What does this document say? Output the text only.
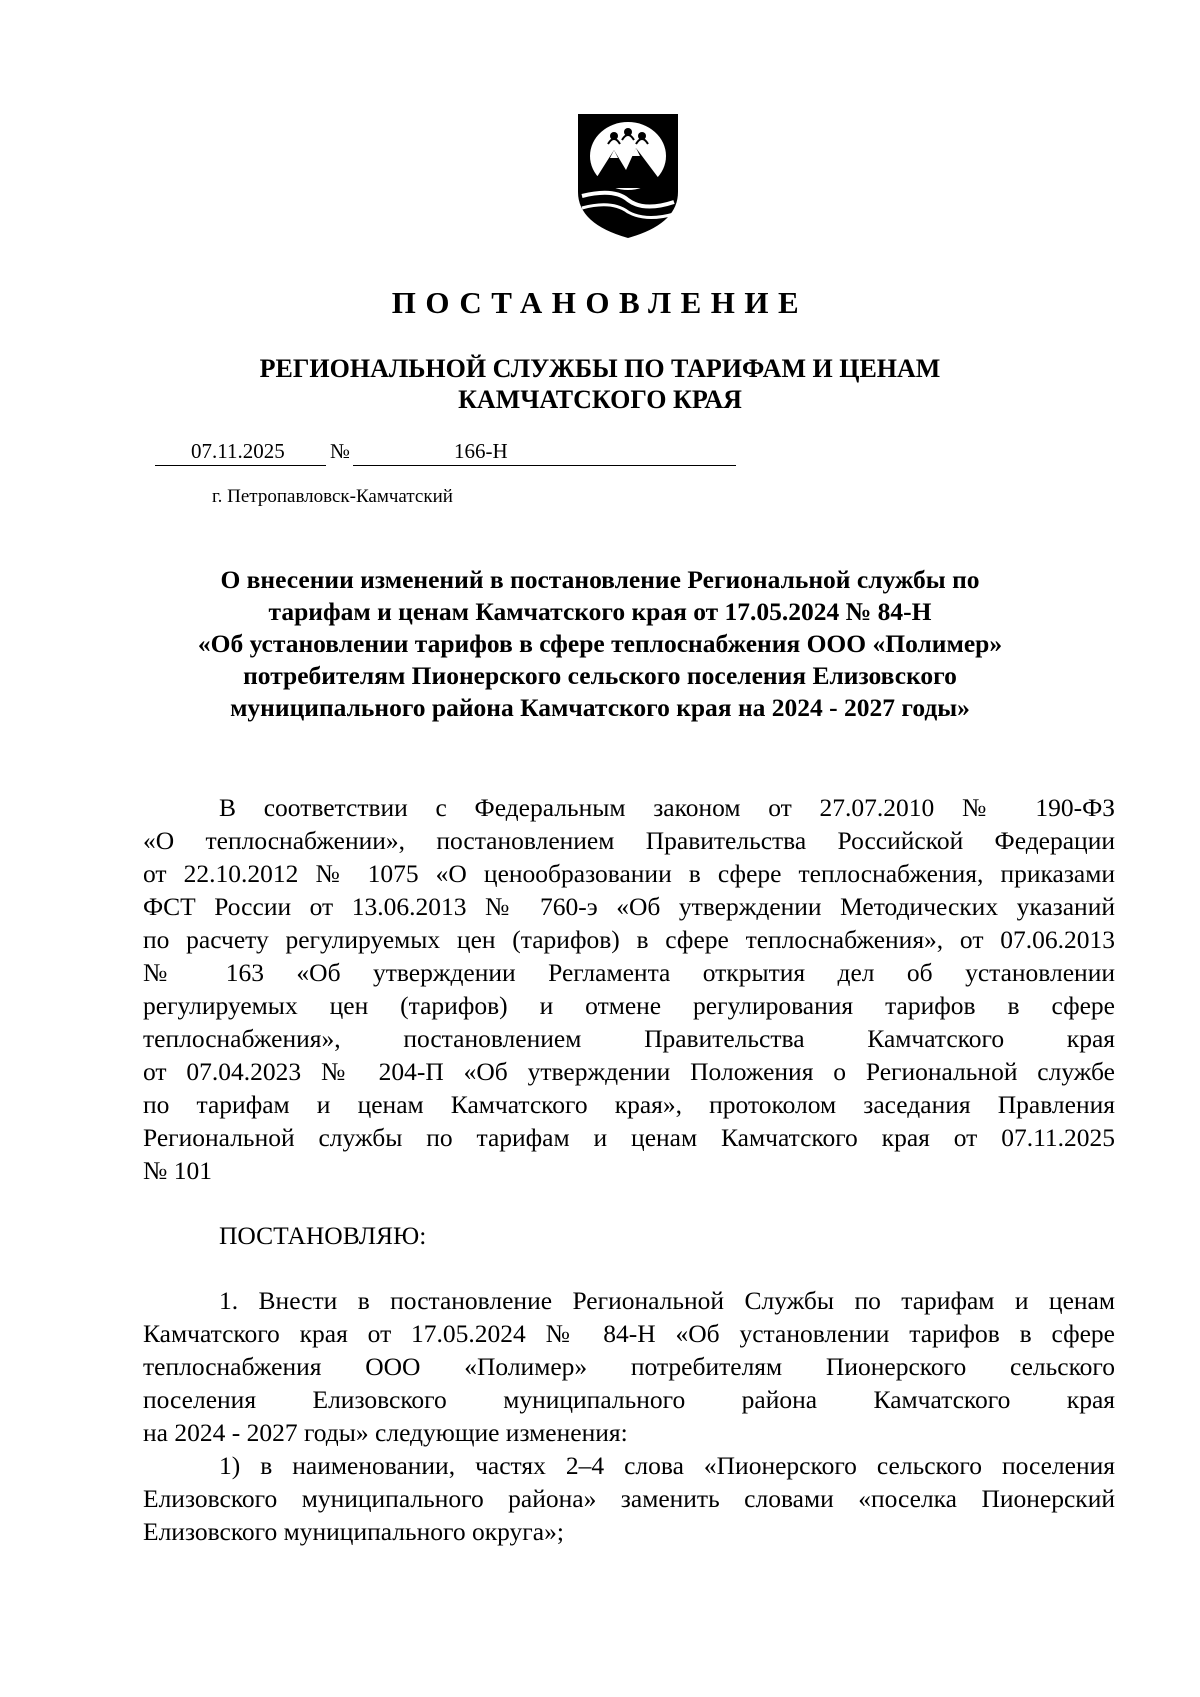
ПОСТАНОВЛЕНИЕ
РЕГИОНАЛЬНОЙ СЛУЖБЫ ПО ТАРИФАМ И ЦЕНАМ
КАМЧАТСКОГО КРАЯ
07.11.2025 №	166-Н
г. Петропавловск-Камчатский
О внесении изменений в постановление Региональной службы по
тарифам и ценам Камчатского края от 17.05.2024 № 84-Н
«Об установлении тарифов в сфере теплоснабжения ООО «Полимер»
потребителям Пионерского сельского поселения Елизовского
муниципального района Камчатского края на 2024 - 2027 годы»
В соответствии с Федеральным законом от 27.07.2010 № 190-ФЗ
«О теплоснабжении», постановлением Правительства Российской Федерации
от 22.10.2012 № 1075 «О ценообразовании в сфере теплоснабжения, приказами
ФСТ России от 13.06.2013 № 760-э «Об утверждении Методических указаний
по расчету регулируемых цен (тарифов) в сфере теплоснабжения», от 07.06.2013
№ 163 «Об утверждении Регламента открытия дел об установлении
регулируемых цен (тарифов) и отмене регулирования тарифов в сфере
теплоснабжения», постановлением Правительства Камчатского края
от 07.04.2023 № 204-П «Об утверждении Положения о Региональной службе
по тарифам и ценам Камчатского края», протоколом заседания Правления
Региональной службы по тарифам и ценам Камчатского края от 07.11.2025
№ 101
ПОСТАНОВЛЯЮ:
1. Внести в постановление Региональной Службы по тарифам и ценам
Камчатского края от 17.05.2024 № 84-Н «Об установлении тарифов в сфере
теплоснабжения ООО «Полимер» потребителям Пионерского сельского
поселения Елизовского муниципального района Камчатского края
на 2024 - 2027 годы» следующие изменения:
1) в наименовании, частях 2–4 слова «Пионерского сельского поселения
Елизовского муниципального района» заменить словами «поселка Пионерский
Елизовского муниципального округа»;
